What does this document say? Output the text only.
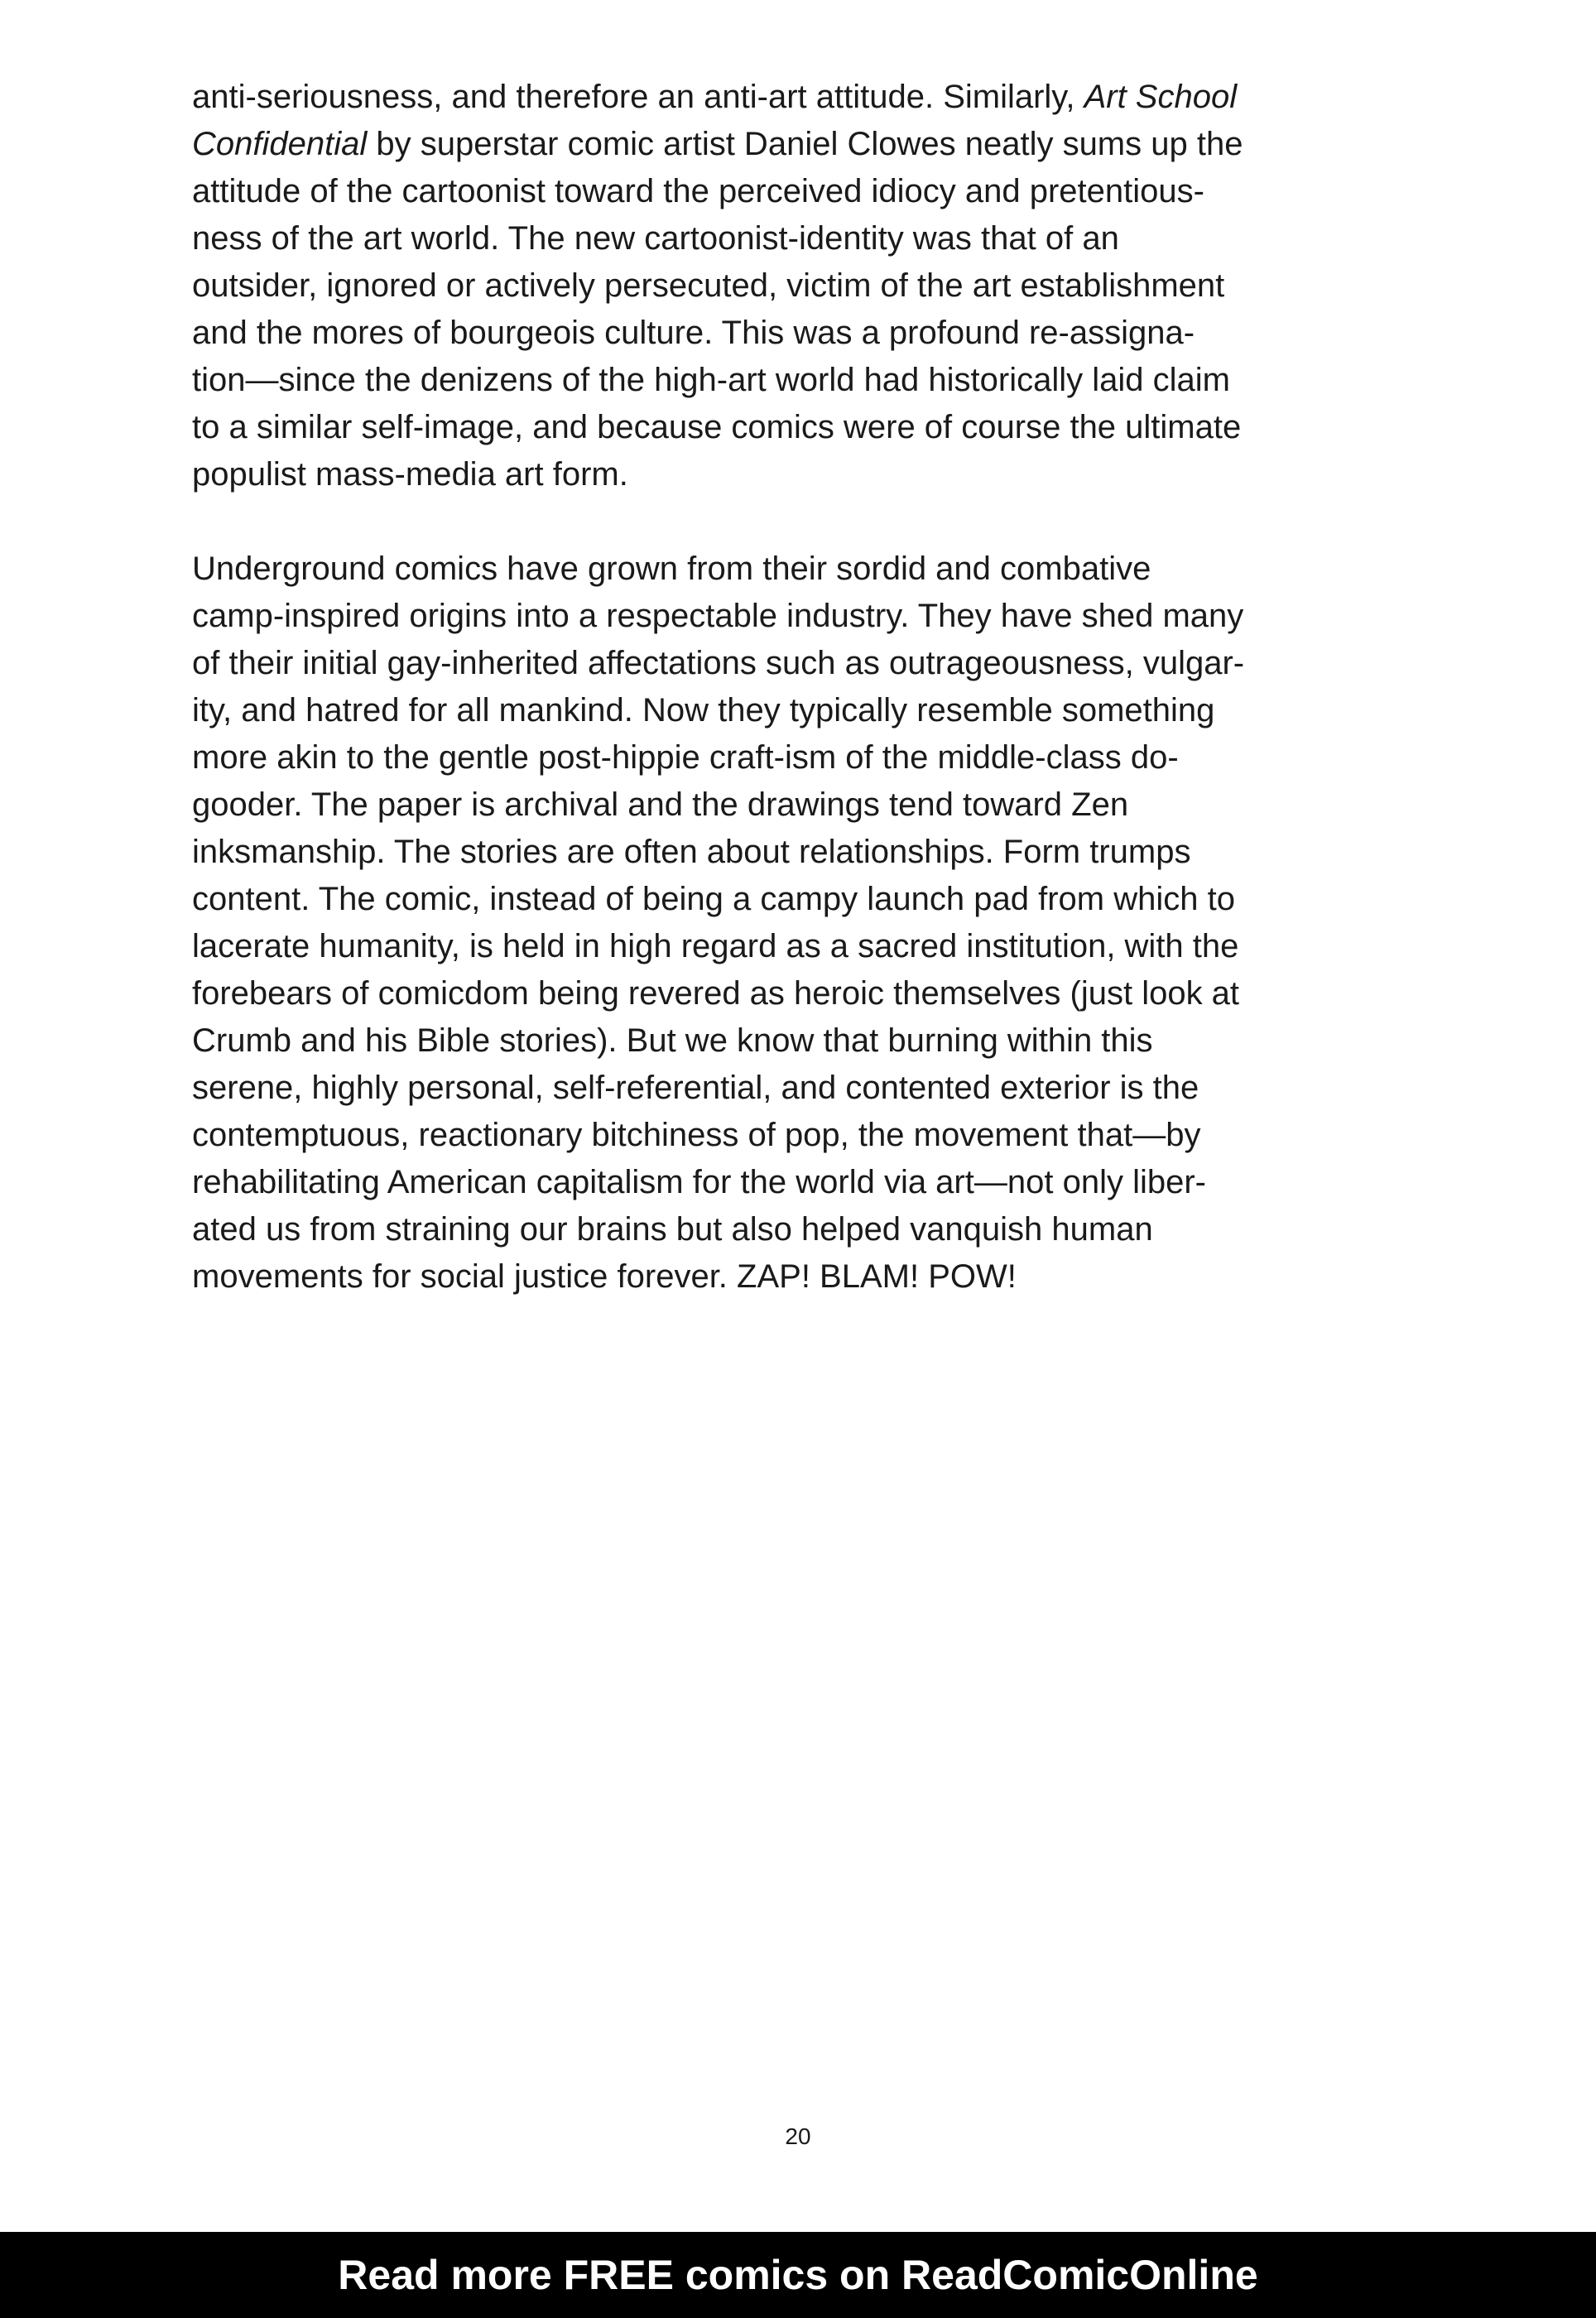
anti-seriousness, and therefore an anti-art attitude. Similarly, Art School
Confidential by superstar comic artist Daniel Clowes neatly sums up the
attitude of the cartoonist toward the perceived idiocy and pretentious-
ness of the art world. The new cartoonist-identity was that of an
outsider, ignored or actively persecuted, victim of the art establishment
and the mores of bourgeois culture. This was a profound re-assigna-
tion—since the denizens of the high-art world had historically laid claim
to a similar self-image, and because comics were of course the ultimate
populist mass-media art form.
Underground comics have grown from their sordid and combative
camp-inspired origins into a respectable industry. They have shed many
of their initial gay-inherited affectations such as outrageousness, vulgar-
ity, and hatred for all mankind. Now they typically resemble something
more akin to the gentle post-hippie craft-ism of the middle-class do-
gooder. The paper is archival and the drawings tend toward Zen
inksmanship. The stories are often about relationships. Form trumps
content. The comic, instead of being a campy launch pad from which to
lacerate humanity, is held in high regard as a sacred institution, with the
forebears of comicdom being revered as heroic themselves (just look at
Crumb and his Bible stories). But we know that burning within this
serene, highly personal, self-referential, and contented exterior is the
contemptuous, reactionary bitchiness of pop, the movement that—by
rehabilitating American capitalism for the world via art—not only liber-
ated us from straining our brains but also helped vanquish human
movements for social justice forever. ZAP! BLAM! POW!
20
Read more FREE comics on ReadComicOnline
